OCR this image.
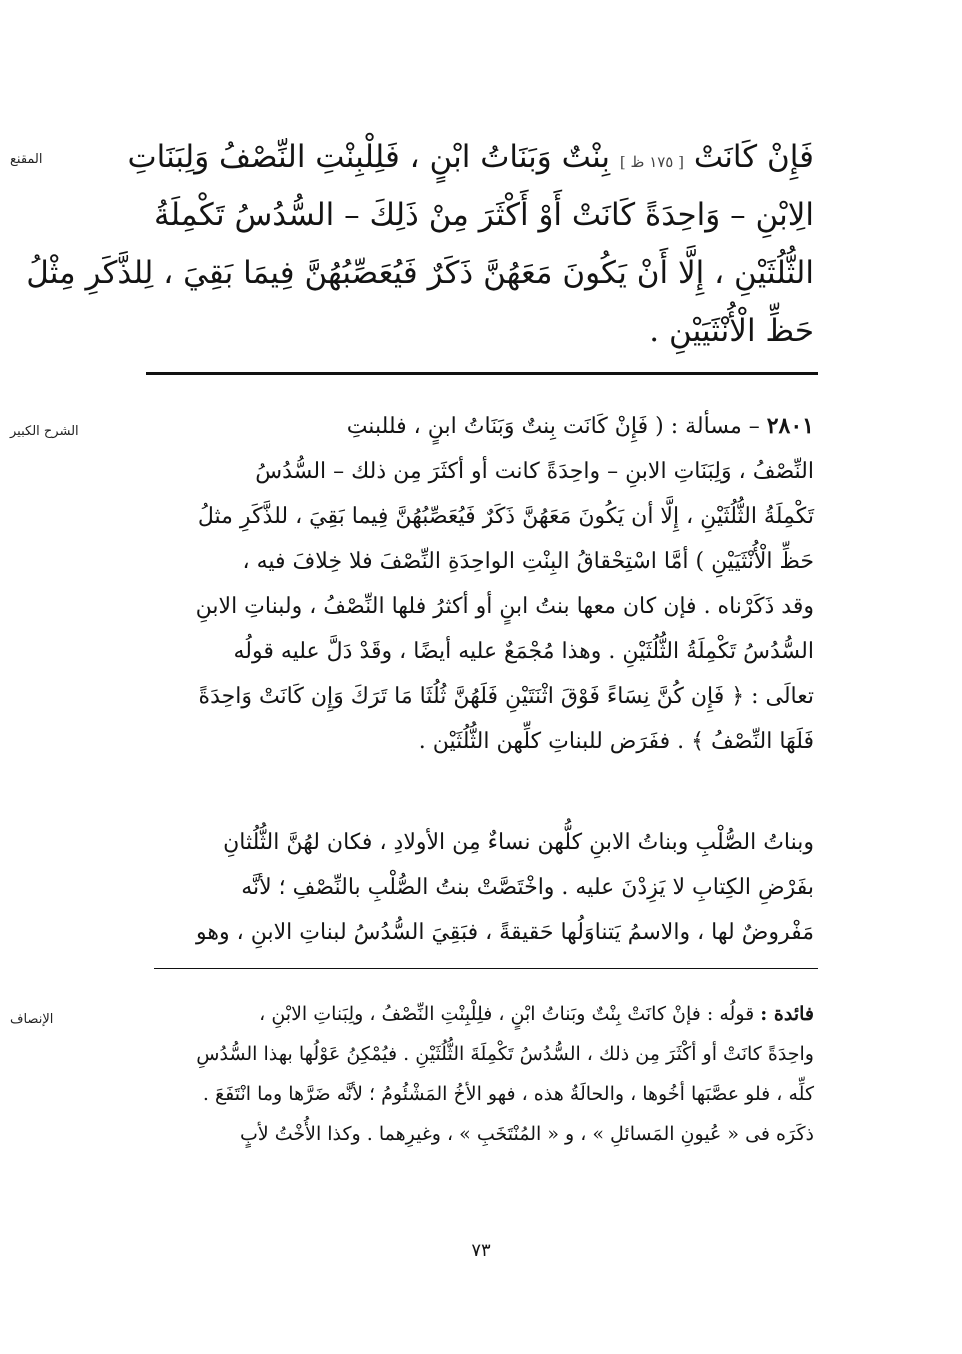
المقنع	فَإِنْ كَانَتْ [ ١٧٥ ظ ] بِنْتٌ وَبَنَاتُ ابْنٍ ، فَلِلْبِنْتِ النِّصْفُ وَلِبَنَاتِ
الِابْنِ – وَاحِدَةً كَانَتْ أَوْ أَكْثَرَ مِنْ ذَلِكَ – السُّدُسُ تَكْمِلَةُ
الثُّلُثَيْنِ ، إِلَّا أَنْ يَكُونَ مَعَهُنَّ ذَكَرٌ فَيُعَصِّبُهُنَّ فِيمَا بَقِيَ ، لِلذَّكَرِ مِثْلُ
حَظِّ الْأُنْثَيَيْنِ .
الشرح الكبير	٢٨٠١ – مسألة : ( فَإِنْ كَانَت بِنتٌ وَبَنَاتُ ابنٍ ، فللبنتِ
النِّصْفُ ، وَلِبَنَاتِ الابنِ – واحِدَةً كانت أو أكثَرَ مِن ذلك – السُّدُسُ
تَكْمِلَةُ الثُّلُثَيْنِ ، إِلَّا أن يَكُونَ مَعَهُنَّ ذَكَرٌ فَيُعَصِّبُهُنَّ فِيما بَقِيَ ، للذَّكَرِ مثلُ
حَظِّ الْأُنْثَيَيْنِ ) أمَّا اسْتِحْقاقُ البِنْتِ الواحِدَةِ النِّصْفَ فلا خِلافَ فيه ،
وقد ذَكَرْناه . فإن كان معها بنتُ ابنٍ أو أكثرُ فلها النِّصْفُ ، ولبناتِ الابنِ
السُّدُسُ تَكْمِلَةُ الثُّلُثَيْنِ . وهذا مُجْمَعٌ عليه أيضًا ، وقَدْ دَلَّ عليه قولُه
تعالَى : ﴿ فَإِن كُنَّ نِسَاءً فَوْقَ اثْنَتَيْنِ فَلَهُنَّ ثُلُثَا مَا تَرَكَ وَإِن كَانَتْ وَاحِدَةً
فَلَهَا النِّصْفُ ﴾ . ففَرَض للبناتِ كلِّهن الثُّلُثَيْن .
وبناتُ الصُّلْبِ وبناتُ الابنِ كلُّهن نساءٌ مِن الأولادِ ، فكان لهُنَّ الثُّلُثانِ
بفَرْضِ الكِتابِ لا يَزِدْنَ عليه . واخْتَصَّتْ بنتُ الصُّلْبِ بالنِّصْفِ ؛ لأنَّه
مَفْروضٌ لها ، والاسمُ يَتناوَلُها حَقيقةً ، فبَقِيَ السُّدُسُ لبناتِ الابنِ ، وهو
الإنصاف	فائدة : قولُه : فإنْ كانَتْ بِنْتٌ وبَناتُ ابْنٍ ، فلِلْبِنْتِ النِّصْفُ ، ولِبَناتِ الابْنِ ،
واحِدَةً كانَتْ أو أكْثَرَ مِن ذلك ، السُّدُسُ تَكْمِلَةَ الثُّلُثَيْنِ . فيُمْكِنُ عَوْلُها بهذا السُّدُسِ
كلِّه ، فلو عصَّبَها أخُوها ، والحالَةُ هذه ، فهو الأخُ المَشْئُومُ ؛ لأنَّه ضَرَّها وما انْتَفَعَ .
ذكَرَه فى « عُيونِ المَسائلِ » ، و « المُنْتَخَبِ » ، وغيرِهما . وكذا الأُخْتُ لأبٍ
٧٣
